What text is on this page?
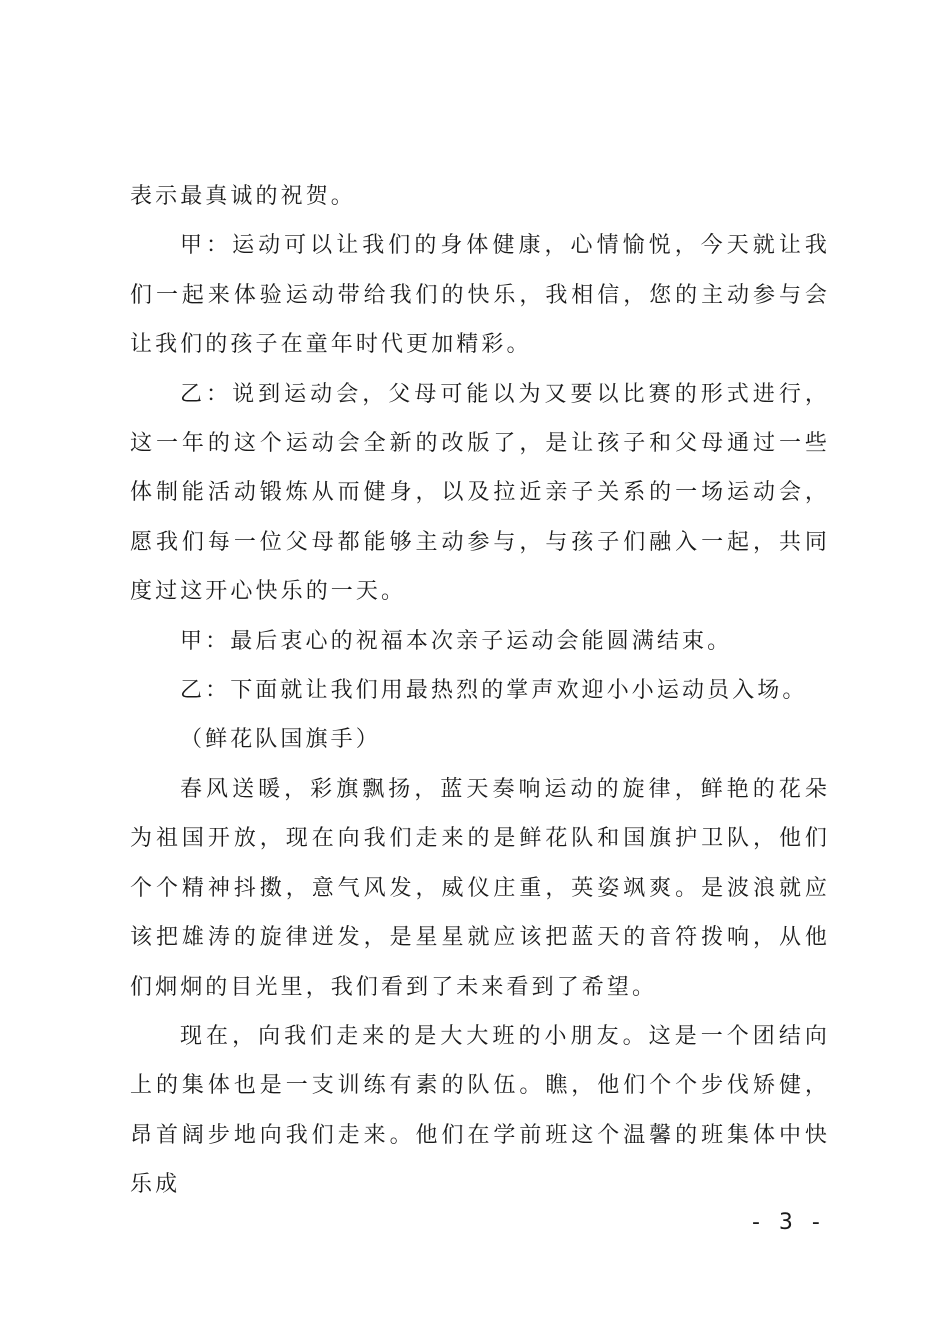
表示最真诚的祝贺。

甲：运动可以让我们的身体健康，心情愉悦，今天就让我们一起来体验运动带给我们的快乐，我相信，您的主动参与会让我们的孩子在童年时代更加精彩。

乙：说到运动会，父母可能以为又要以比赛的形式进行，这一年的这个运动会全新的改版了，是让孩子和父母通过一些体制能活动锻炼从而健身，以及拉近亲子关系的一场运动会，愿我们每一位父母都能够主动参与，与孩子们融入一起，共同度过这开心快乐的一天。

甲：最后衷心的祝福本次亲子运动会能圆满结束。

乙：下面就让我们用最热烈的掌声欢迎小小运动员入场。

（鲜花队国旗手）

春风送暖，彩旗飘扬，蓝天奏响运动的旋律，鲜艳的花朵为祖国开放，现在向我们走来的是鲜花队和国旗护卫队，他们个个精神抖擞，意气风发，威仪庄重，英姿飒爽。是波浪就应该把雄涛的旋律迸发，是星星就应该把蓝天的音符拨响，从他们炯炯的目光里，我们看到了未来看到了希望。

现在，向我们走来的是大大班的小朋友。这是一个团结向上的集体也是一支训练有素的队伍。瞧，他们个个步伐矫健，昂首阔步地向我们走来。他们在学前班这个温馨的班集体中快乐成

- 3 -
